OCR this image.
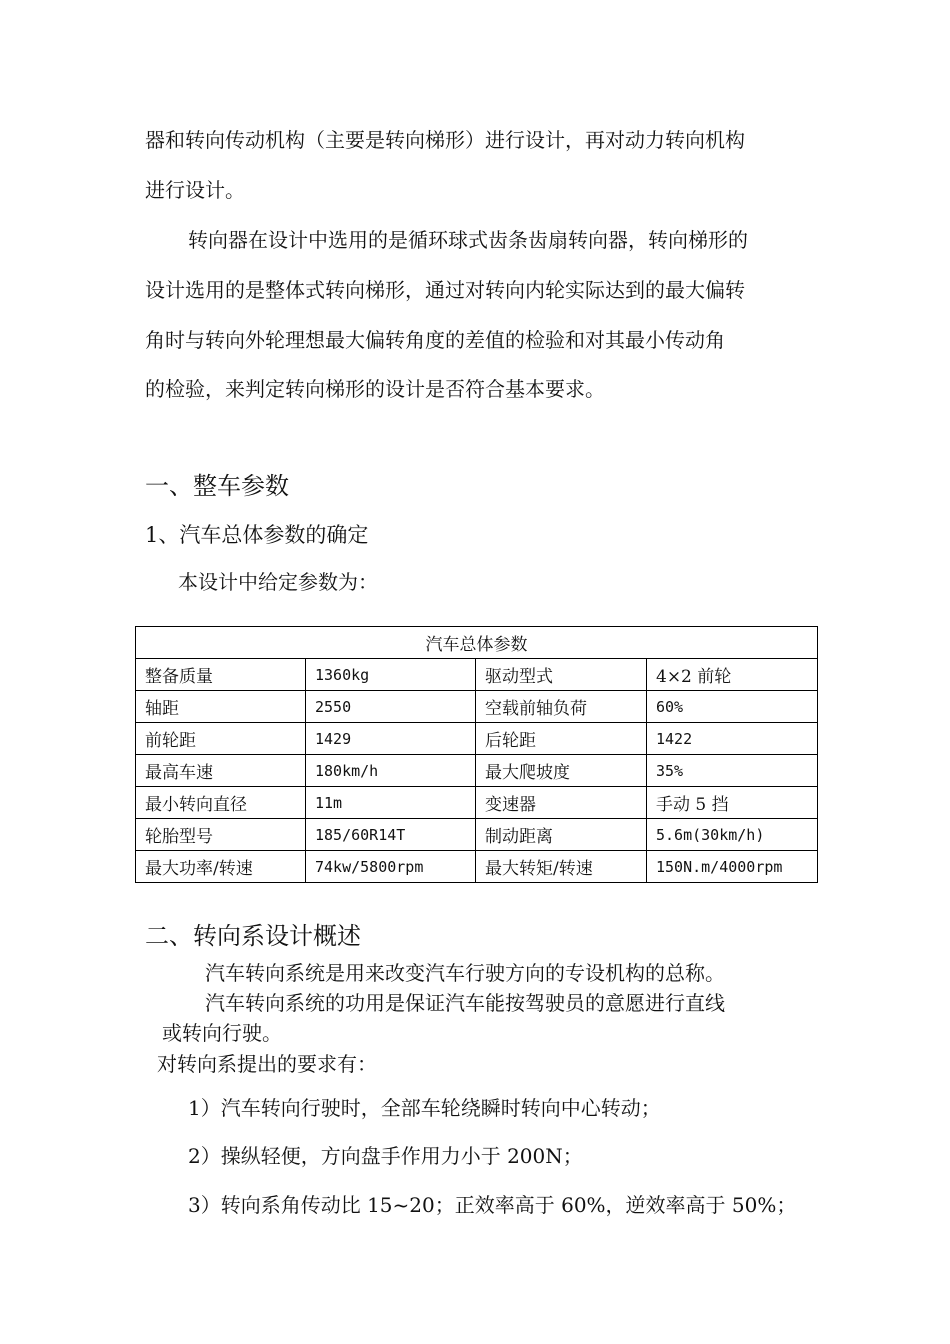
器和转向传动机构（主要是转向梯形）进行设计，再对动力转向机构
进行设计。
转向器在设计中选用的是循环球式齿条齿扇转向器，转向梯形的
设计选用的是整体式转向梯形，通过对转向内轮实际达到的最大偏转
角时与转向外轮理想最大偏转角度的差值的检验和对其最小传动角
的检验，来判定转向梯形的设计是否符合基本要求。
一、整车参数
1、汽车总体参数的确定
本设计中给定参数为：
汽车总体参数			
整备质量	1360kg	驱动型式	4×2 前轮
轴距	2550	空载前轴负荷	60%
前轮距	1429	后轮距	1422
最高车速	180km/h	最大爬坡度	35%
最小转向直径	11m	变速器	手动 5 挡
轮胎型号	185/60R14T	制动距离	5.6m(30km/h)
最大功率/转速	74kw/5800rpm	最大转矩/转速	150N.m/4000rpm
二、转向系设计概述
汽车转向系统是用来改变汽车行驶方向的专设机构的总称。
汽车转向系统的功用是保证汽车能按驾驶员的意愿进行直线
或转向行驶。
对转向系提出的要求有：
1）汽车转向行驶时，全部车轮绕瞬时转向中心转动；
2）操纵轻便，方向盘手作用力小于 200N；
3）转向系角传动比 15~20；正效率高于 60%，逆效率高于 50%；
